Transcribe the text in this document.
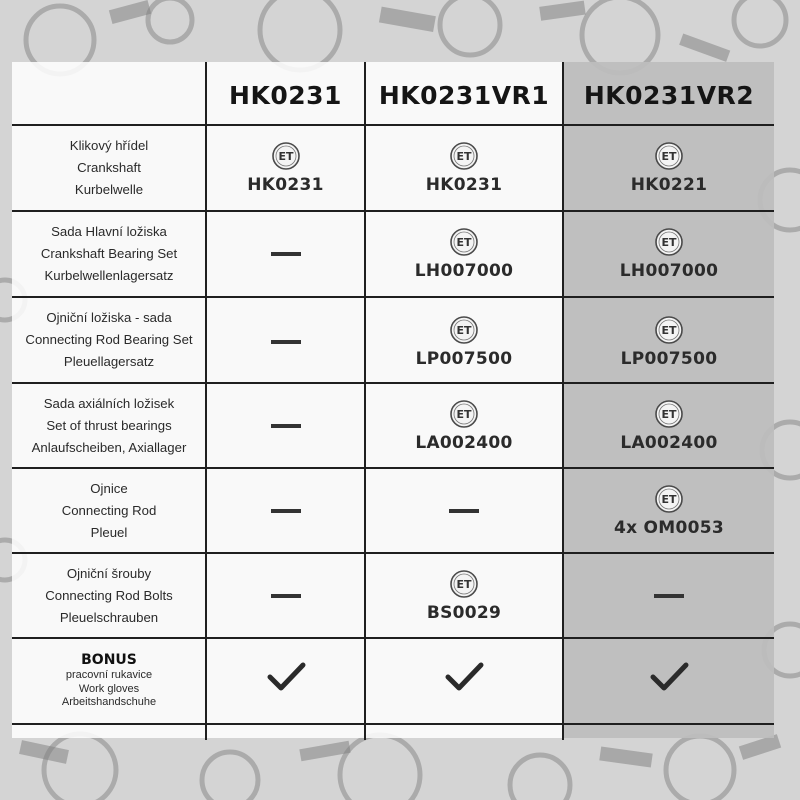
HK0231	HK0231VR1	HK0231VR2
Klikový hřídel
Crankshaft
Kurbelwelle
ET
HK0231
ET
HK0231
ET
HK0221
Sada Hlavní ložiska
Crankshaft Bearing Set
Kurbelwellenlagersatz
ET
LH007000
ET
LH007000
Ojniční ložiska - sada
Connecting Rod Bearing Set
Pleuellagersatz
ET
LP007500
ET
LP007500
Sada axiálních ložisek
Set of thrust bearings
Anlaufscheiben, Axiallager
ET
LA002400
ET
LA002400
Ojnice
Connecting Rod
Pleuel
ET
4x OM0053
Ojniční šrouby
Connecting Rod Bolts
Pleuelschrauben
ET
BS0029
BONUS
pracovní rukavice
Work gloves
Arbeitshandschuhe
